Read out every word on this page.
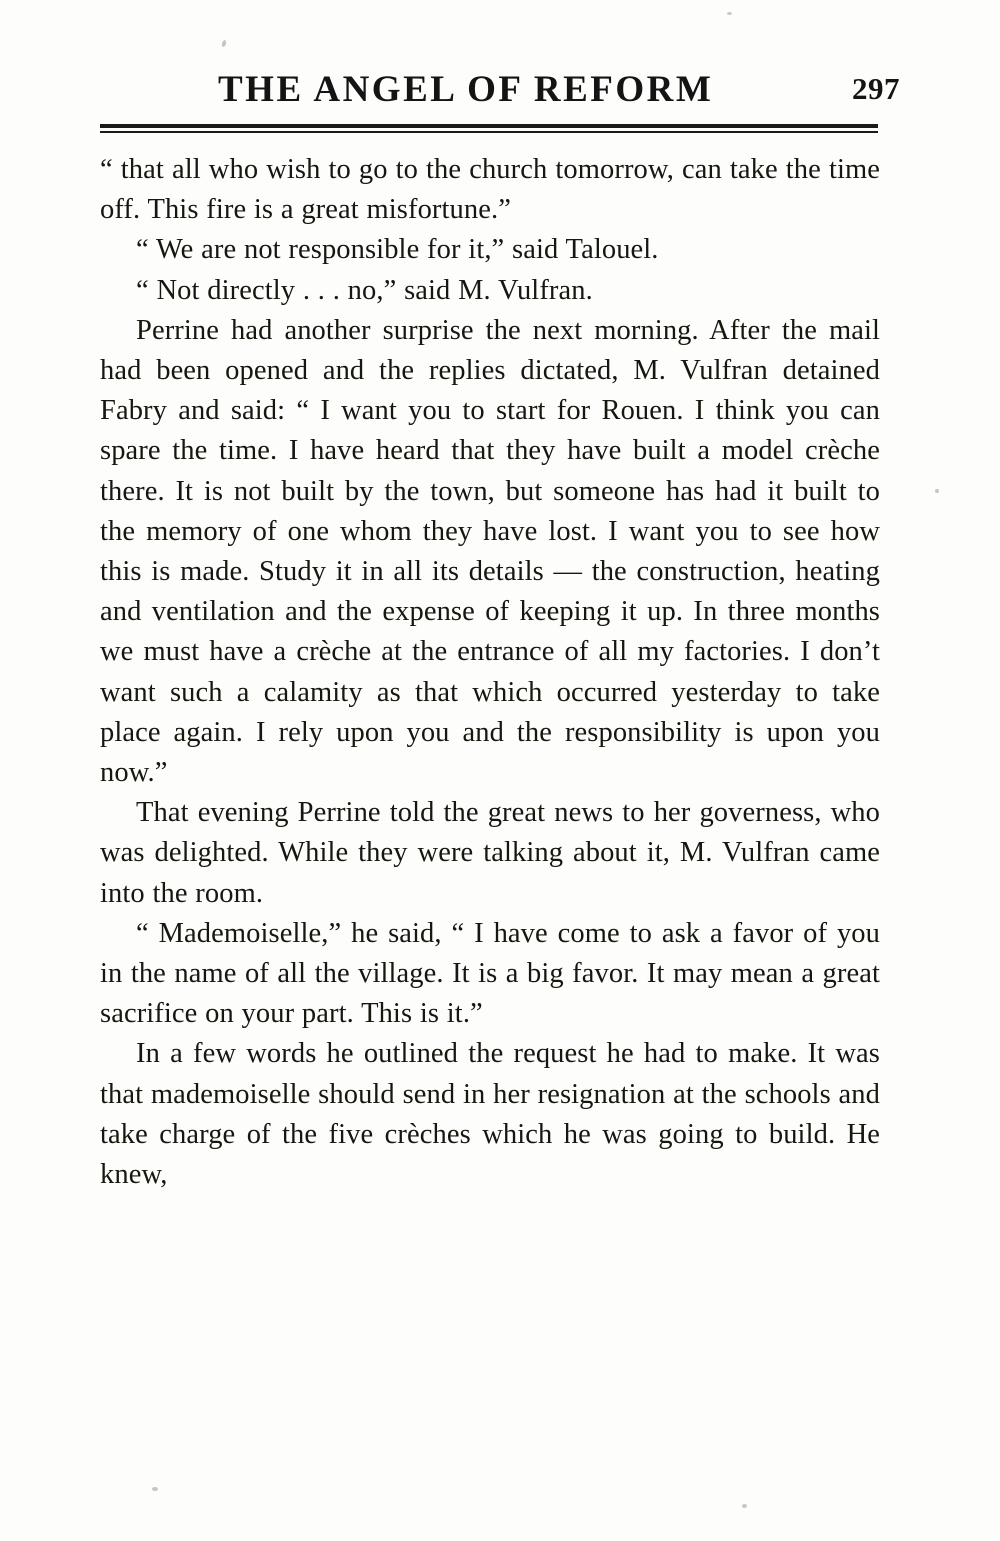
THE ANGEL OF REFORM	297

“ that all who wish to go to the church tomorrow, can take the time off. This fire is a great misfortune.”

“ We are not responsible for it,” said Talouel.

“ Not directly . . . no,” said M. Vulfran.

Perrine had another surprise the next morning. After the mail had been opened and the replies dictated, M. Vulfran detained Fabry and said: “ I want you to start for Rouen. I think you can spare the time. I have heard that they have built a model crèche there. It is not built by the town, but someone has had it built to the memory of one whom they have lost. I want you to see how this is made. Study it in all its details — the construction, heating and ventilation and the expense of keeping it up. In three months we must have a crèche at the entrance of all my factories. I don’t want such a calamity as that which occurred yesterday to take place again. I rely upon you and the responsibility is upon you now.”

That evening Perrine told the great news to her governess, who was delighted. While they were talking about it, M. Vulfran came into the room.

“ Mademoiselle,” he said, “ I have come to ask a favor of you in the name of all the village. It is a big favor. It may mean a great sacrifice on your part. This is it.”

In a few words he outlined the request he had to make. It was that mademoiselle should send in her resignation at the schools and take charge of the five crèches which he was going to build. He knew,
